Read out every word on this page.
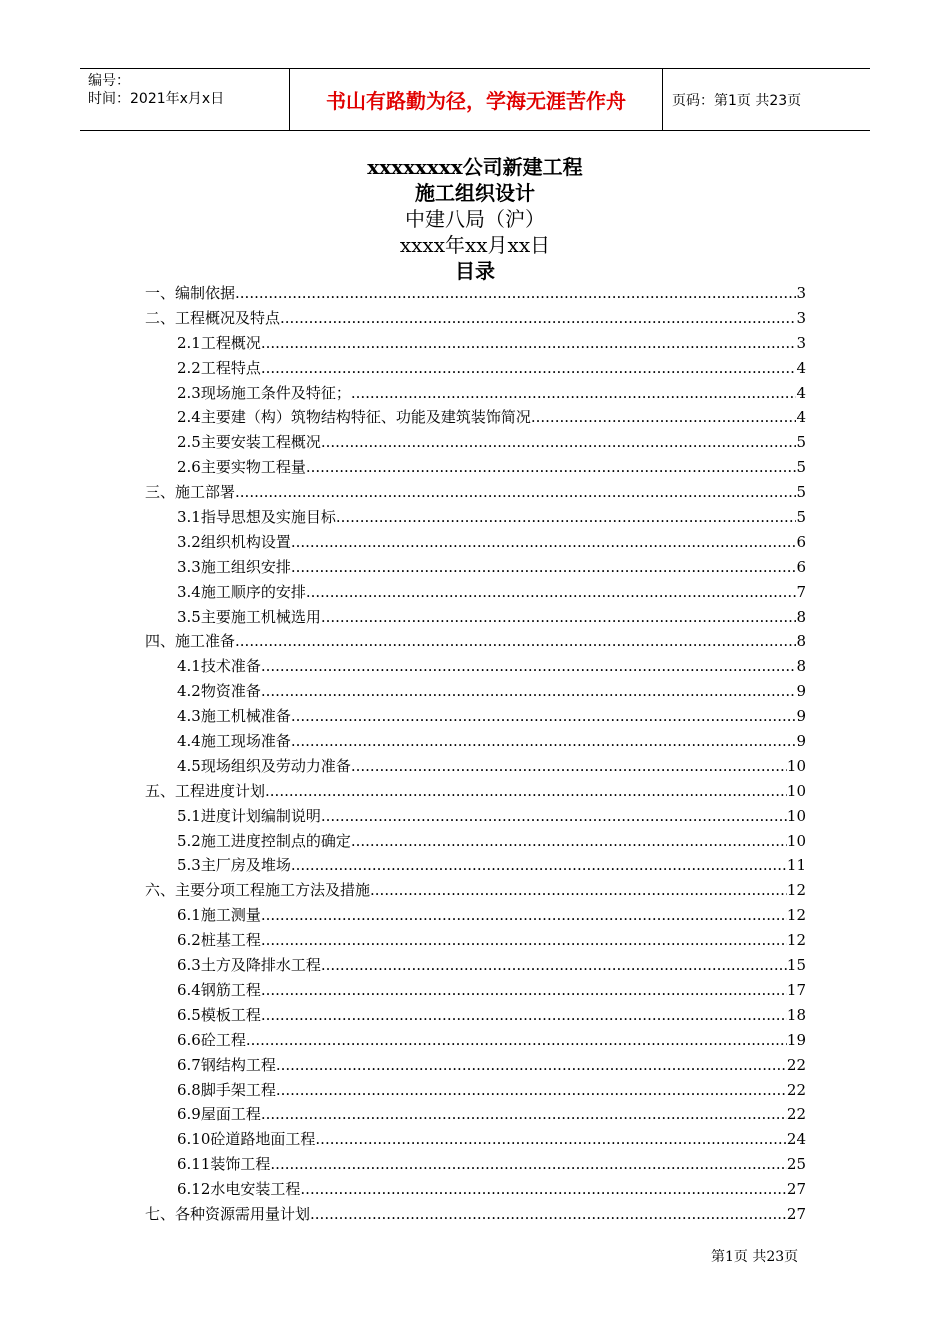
编号：
时间：2021年x月x日	书山有路勤为径，学海无涯苦作舟	页码：第1页 共23页
xxxxxxxx公司新建工程
施工组织设计
中建八局（沪）
xxxx年xx月xx日
目录
一、编制依据 .....	3
二、工程概况及特点 .....	3
2.1工程概况 .....	3
2.2工程特点 .....	4
2.3现场施工条件及特征； .....	4
2.4主要建（构）筑物结构特征、功能及建筑装饰简况 .....	4
2.5主要安装工程概况 .....	5
2.6主要实物工程量 .....	5
三、施工部署 .....	5
3.1指导思想及实施目标 .....	5
3.2组织机构设置 .....	6
3.3施工组织安排 .....	6
3.4施工顺序的安排 .....	7
3.5主要施工机械选用 .....	8
四、施工准备 .....	8
4.1技术准备 .....	8
4.2物资准备 .....	9
4.3施工机械准备 .....	9
4.4施工现场准备 .....	9
4.5现场组织及劳动力准备 .....	10
五、工程进度计划 .....	10
5.1进度计划编制说明 .....	10
5.2施工进度控制点的确定 .....	10
5.3主厂房及堆场 .....	11
六、主要分项工程施工方法及措施 .....	12
6.1施工测量 .....	12
6.2桩基工程 .....	12
6.3土方及降排水工程 .....	15
6.4钢筋工程 .....	17
6.5模板工程 .....	18
6.6砼工程 .....	19
6.7钢结构工程 .....	22
6.8脚手架工程 .....	22
6.9屋面工程 .....	22
6.10砼道路地面工程 .....	24
6.11装饰工程 .....	25
6.12水电安装工程 .....	27
七、各种资源需用量计划 .....	27
第1页 共23页
